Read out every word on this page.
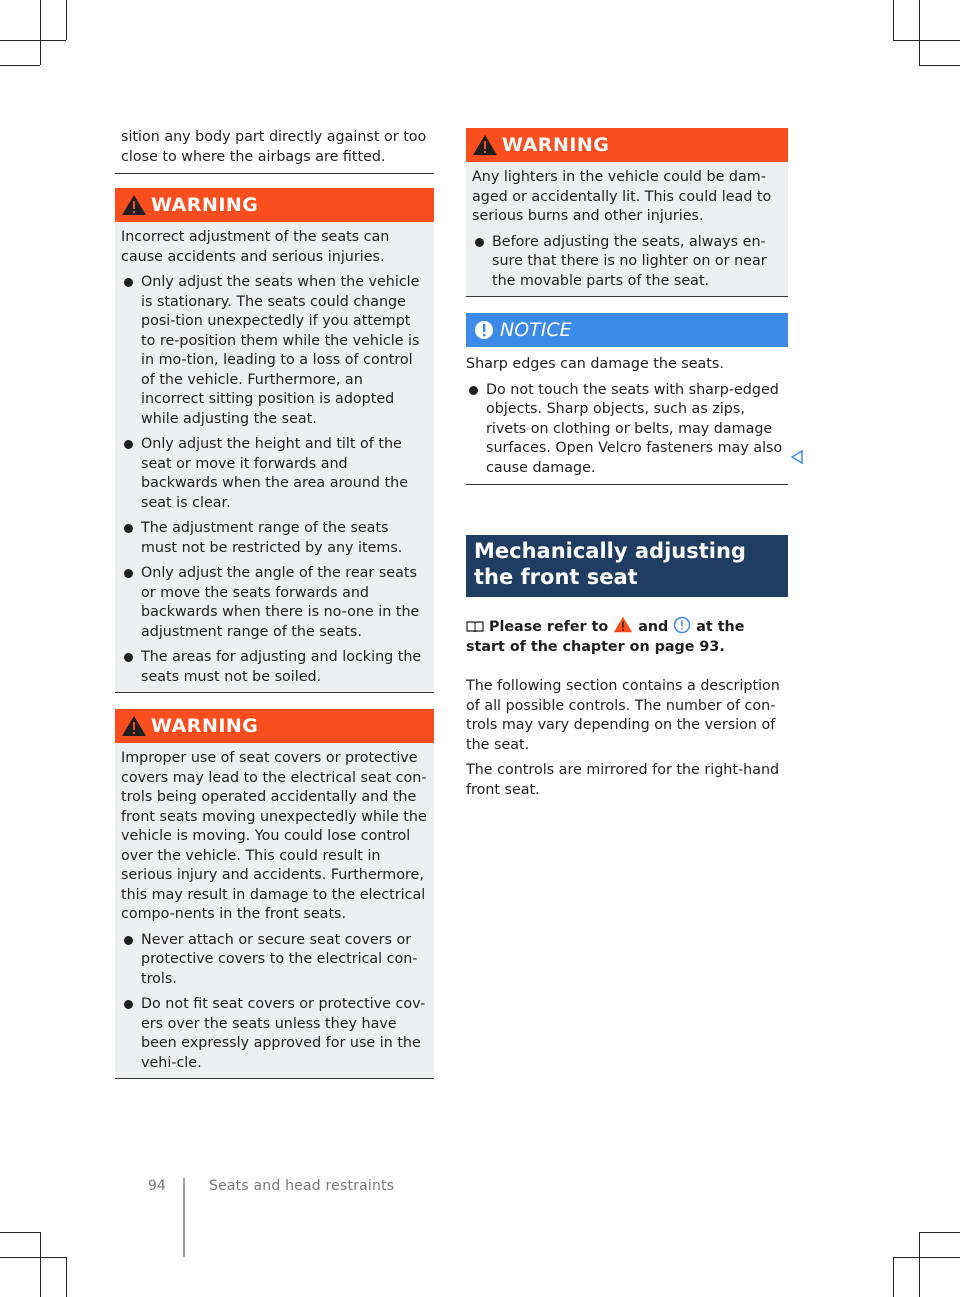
sition any body part directly against or too close to where the airbags are fitted.

WARNING

Incorrect adjustment of the seats can cause accidents and serious injuries.

Only adjust the seats when the vehicle is stationary. The seats could change posi-tion unexpectedly if you attempt to re-position them while the vehicle is in mo-tion, leading to a loss of control of the vehicle. Furthermore, an incorrect sitting position is adopted while adjusting the seat.
Only adjust the height and tilt of the seat or move it forwards and backwards when the area around the seat is clear.
The adjustment range of the seats must not be restricted by any items.
Only adjust the angle of the rear seats or move the seats forwards and backwards when there is no-one in the adjustment range of the seats.
The areas for adjusting and locking the seats must not be soiled.
WARNING

Improper use of seat covers or protective covers may lead to the electrical seat con-trols being operated accidentally and the front seats moving unexpectedly while the vehicle is moving. You could lose control over the vehicle. This could result in serious injury and accidents. Furthermore, this may result in damage to the electrical compo-nents in the front seats.

Never attach or secure seat covers or protective covers to the electrical con-trols.
Do not fit seat covers or protective cov-ers over the seats unless they have been expressly approved for use in the vehi-cle.
WARNING

Any lighters in the vehicle could be dam-aged or accidentally lit. This could lead to serious burns and other injuries.

Before adjusting the seats, always en-sure that there is no lighter on or near the movable parts of the seat.
NOTICE

Sharp edges can damage the seats.

Do not touch the seats with sharp-edged objects. Sharp objects, such as zips, rivets on clothing or belts, may damage surfaces. Open Velcro fasteners may also cause damage.
Mechanically adjusting the front seat
Please refer to and at the start of the chapter on page 93.

The following section contains a description of all possible controls. The number of con-trols may vary depending on the version of the seat.

The controls are mirrored for the right-hand front seat.

94	Seats and head restraints
